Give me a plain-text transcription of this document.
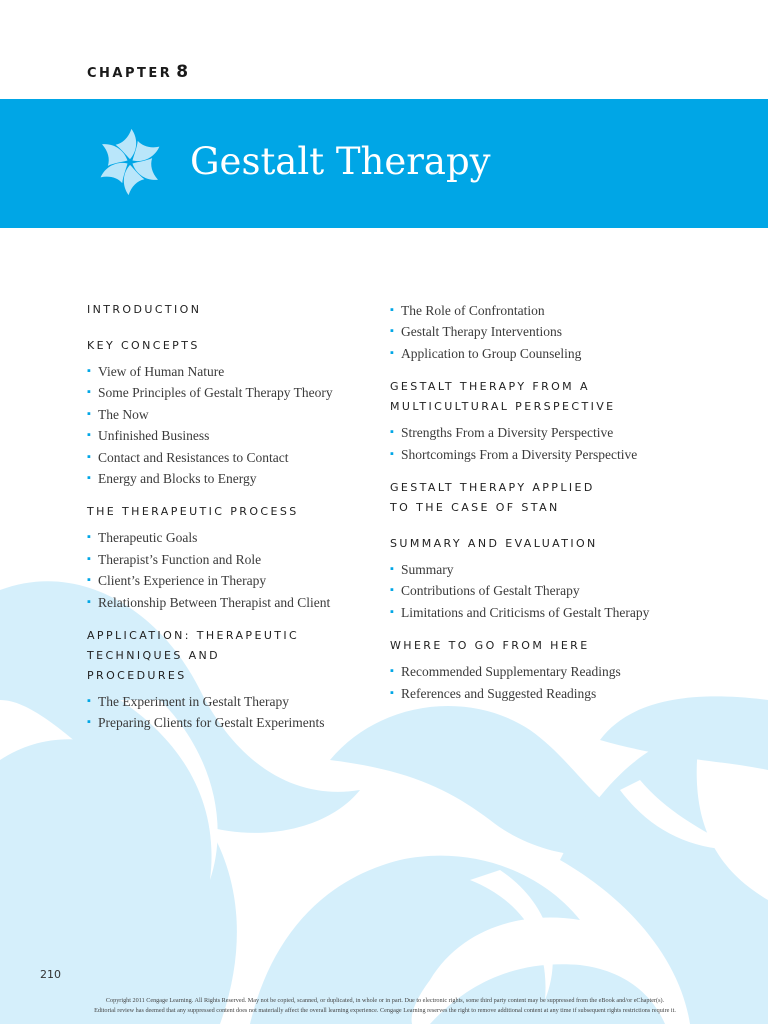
CHAPTER 8
Gestalt Therapy

INTRODUCTION

KEY CONCEPTS

▪ View of Human Nature
▪ Some Principles of Gestalt Therapy Theory
▪ The Now
▪ Unfinished Business
▪ Contact and Resistances to Contact
▪ Energy and Blocks to Energy

THE THERAPEUTIC PROCESS

▪ Therapeutic Goals
▪ Therapist’s Function and Role
▪ Client’s Experience in Therapy
▪ Relationship Between Therapist and Client

APPLICATION: THERAPEUTIC TECHNIQUES AND PROCEDURES

▪ The Experiment in Gestalt Therapy
▪ Preparing Clients for Gestalt Experiments
▪ The Role of Confrontation
▪ Gestalt Therapy Interventions
▪ Application to Group Counseling

GESTALT THERAPY FROM A MULTICULTURAL PERSPECTIVE

▪ Strengths From a Diversity Perspective
▪ Shortcomings From a Diversity Perspective

GESTALT THERAPY APPLIED TO THE CASE OF STAN

SUMMARY AND EVALUATION

▪ Summary
▪ Contributions of Gestalt Therapy
▪ Limitations and Criticisms of Gestalt Therapy

WHERE TO GO FROM HERE

▪ Recommended Supplementary Readings
▪ References and Suggested Readings
210
Copyright 2011 Cengage Learning. All Rights Reserved. May not be copied, scanned, or duplicated, in whole or in part. Due to electronic rights, some third party content may be suppressed from the eBook and/or eChapter(s).
Editorial review has deemed that any suppressed content does not materially affect the overall learning experience. Cengage Learning reserves the right to remove additional content at any time if subsequent rights restrictions require it.
